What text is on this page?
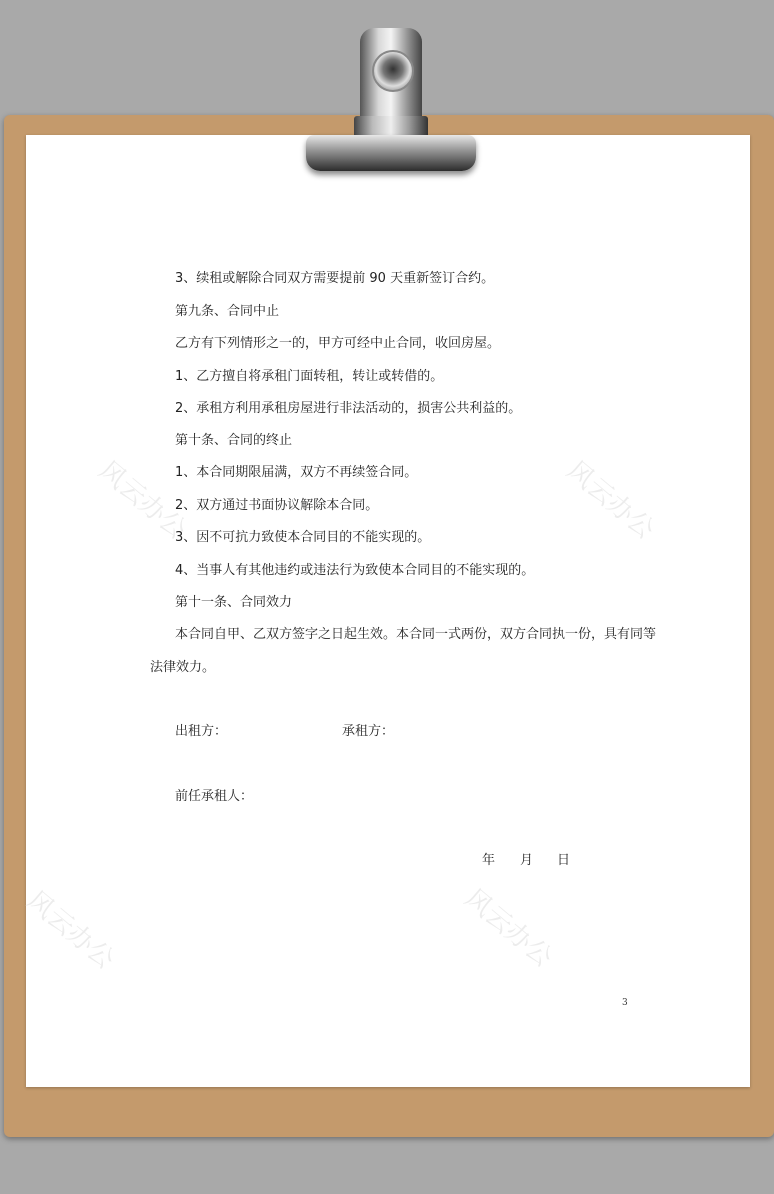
风云办公	风云办公
风云办公	风云办公
3、续租或解除合同双方需要提前 90 天重新签订合约。
第九条、合同中止
乙方有下列情形之一的，甲方可经中止合同，收回房屋。
1、乙方擅自将承租门面转租，转让或转借的。
2、承租方利用承租房屋进行非法活动的，损害公共利益的。
第十条、合同的终止
1、本合同期限届满，双方不再续签合同。
2、双方通过书面协议解除本合同。
3、因不可抗力致使本合同目的不能实现的。
4、当事人有其他违约或违法行为致使本合同目的不能实现的。
第十一条、合同效力
本合同自甲、乙双方签字之日起生效。本合同一式两份，双方合同执一份，具有同等
法律效力。
出租方：	承租方：
前任承租人：
年 月 日
3
